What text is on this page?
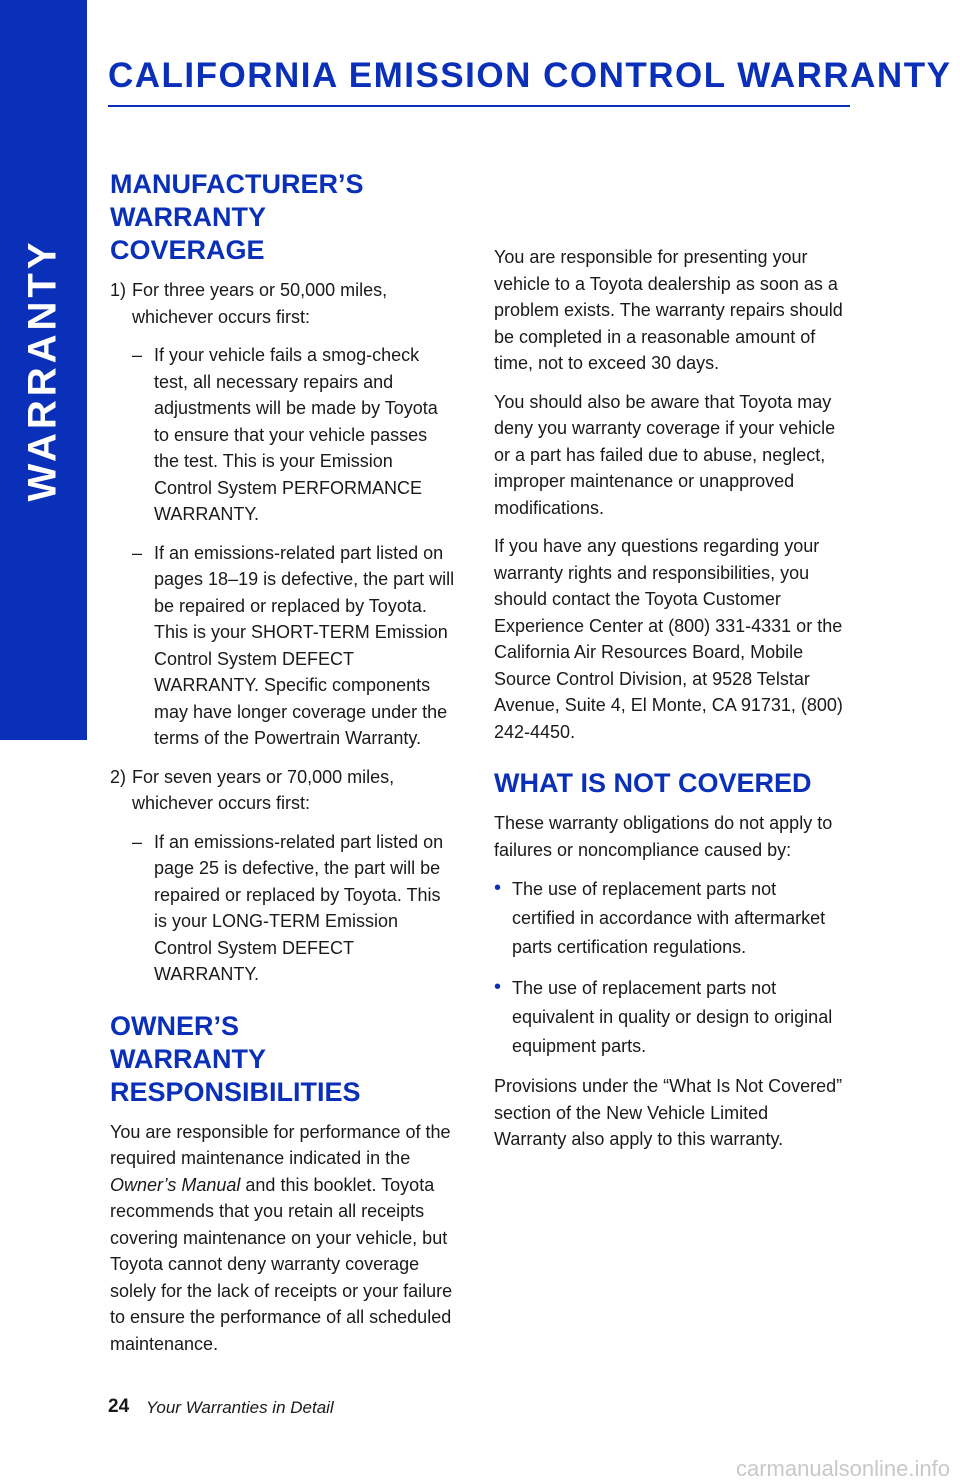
WARRANTY
CALIFORNIA EMISSION CONTROL WARRANTY
MANUFACTURER’S WARRANTY COVERAGE
1) For three years or 50,000 miles, whichever occurs first:
– If your vehicle fails a smog-check test, all necessary repairs and adjustments will be made by Toyota to ensure that your vehicle passes the test. This is your Emission Control System PERFORMANCE WARRANTY.
– If an emissions-related part listed on pages 18–19 is defective, the part will be repaired or replaced by Toyota. This is your SHORT-TERM Emission Control System DEFECT WARRANTY. Specific components may have longer coverage under the terms of the Powertrain Warranty.
2) For seven years or 70,000 miles, whichever occurs first:
– If an emissions-related part listed on page 25 is defective, the part will be repaired or replaced by Toyota. This is your LONG-TERM Emission Control System DEFECT WARRANTY.
OWNER’S WARRANTY RESPONSIBILITIES

You are responsible for performance of the required maintenance indicated in the Owner’s Manual and this booklet. Toyota recommends that you retain all receipts covering maintenance on your vehicle, but Toyota cannot deny warranty coverage solely for the lack of receipts or your failure to ensure the performance of all scheduled maintenance.

You are responsible for presenting your vehicle to a Toyota dealership as soon as a problem exists. The warranty repairs should be completed in a reasonable amount of time, not to exceed 30 days.

You should also be aware that Toyota may deny you warranty coverage if your vehicle or a part has failed due to abuse, neglect, improper maintenance or unapproved modifications.

If you have any questions regarding your warranty rights and responsibilities, you should contact the Toyota Customer Experience Center at (800) 331-4331 or the California Air Resources Board, Mobile Source Control Division, at 9528 Telstar Avenue, Suite 4, El Monte, CA 91731, (800) 242-4450.

WHAT IS NOT COVERED

These warranty obligations do not apply to failures or noncompliance caused by:

• The use of replacement parts not certified in accordance with aftermarket parts certification regulations.
• The use of replacement parts not equivalent in quality or design to original equipment parts.

Provisions under the “What Is Not Covered” section of the New Vehicle Limited Warranty also apply to this warranty.

24 Your Warranties in Detail
carmanualsonline.info
